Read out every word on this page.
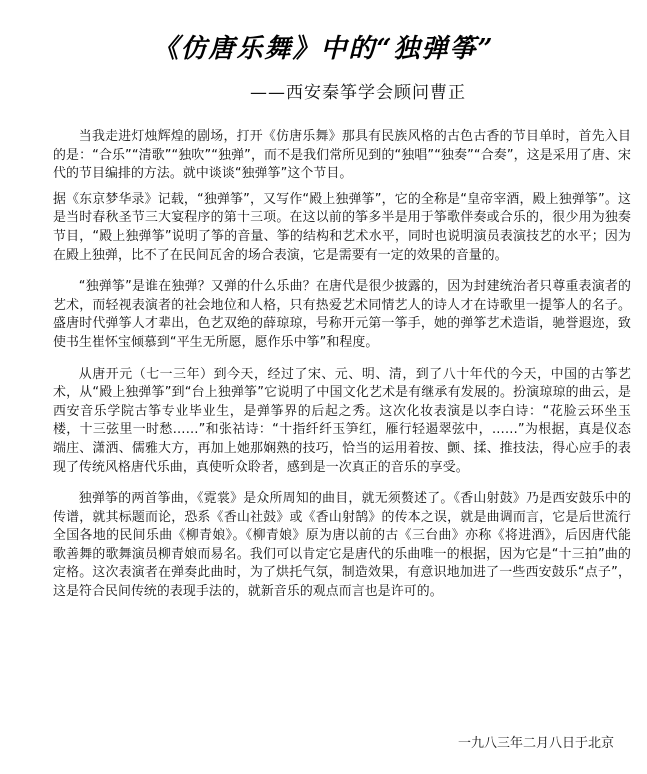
《仿唐乐舞》中的“独弹筝”

——西安秦筝学会顾问曹正

当我走进灯烛辉煌的剧场，打开《仿唐乐舞》那具有民族风格的古色古香的节目单时，首先入目的是：“合乐”“清歌”“独吹”“独弹”，而不是我们常所见到的“独唱”“独奏”“合奏”，这是采用了唐、宋代的节目编排的方法。就中谈谈“独弹筝”这个节目。

据《东京梦华录》记载，“独弹筝”，又写作“殿上独弹筝”，它的全称是“皇帝宰酒，殿上独弹筝”。这是当时春秋圣节三大宴程序的第十三项。在这以前的筝多半是用于筝歌伴奏或合乐的，很少用为独奏节目，“殿上独弹筝”说明了筝的音量、筝的结构和艺术水平，同时也说明演员表演技艺的水平；因为在殿上独弹，比不了在民间瓦舍的场合表演，它是需要有一定的效果的音量的。

“独弹筝”是谁在独弹？又弹的什么乐曲？在唐代是很少披露的，因为封建统治者只尊重表演者的艺术，而轻视表演者的社会地位和人格，只有热爱艺术同情艺人的诗人才在诗歌里一提筝人的名子。盛唐时代弹筝人才辈出，色艺双绝的薛琼琼，号称开元第一筝手，她的弹筝艺术造诣，驰誉遐迩，致使书生崔怀宝倾慕到“平生无所愿，愿作乐中筝”和程度。

从唐开元（七一三年）到今天，经过了宋、元、明、清，到了八十年代的今天，中国的古筝艺术，从“殿上独弹筝”到“台上独弹筝”它说明了中国文化艺术是有继承有发展的。扮演琼琼的曲云，是西安音乐学院古筝专业毕业生，是弹筝界的后起之秀。这次化妆表演是以李白诗：“花脸云环坐玉楼，十三弦里一时愁……”和张祜诗：“十指纤纤玉笋红，雁行轻遏翠弦中，……”为根据，真是仪态端庄、潇洒、儒雅大方，再加上她那娴熟的技巧，恰当的运用着按、颤、揉、推技法，得心应手的表现了传统风格唐代乐曲，真使听众聆者，感到是一次真正的音乐的享受。

独弹筝的两首筝曲，《霓裳》是众所周知的曲目，就无须赘述了。《香山射鼓》乃是西安鼓乐中的传谱，就其标题而论，恐系《香山社鼓》或《香山射鹄》的传本之误，就是曲调而言，它是后世流行全国各地的民间乐曲《柳青娘》。《柳青娘》原为唐以前的古《三台曲》亦称《将进酒》，后因唐代能歌善舞的歌舞演员柳青娘而易名。我们可以肯定它是唐代的乐曲唯一的根据，因为它是“十三拍”曲的定格。这次表演者在弹奏此曲时，为了烘托气氛，制造效果，有意识地加进了一些西安鼓乐“点子”，这是符合民间传统的表现手法的，就新音乐的观点而言也是许可的。

一九八三年二月八日于北京
